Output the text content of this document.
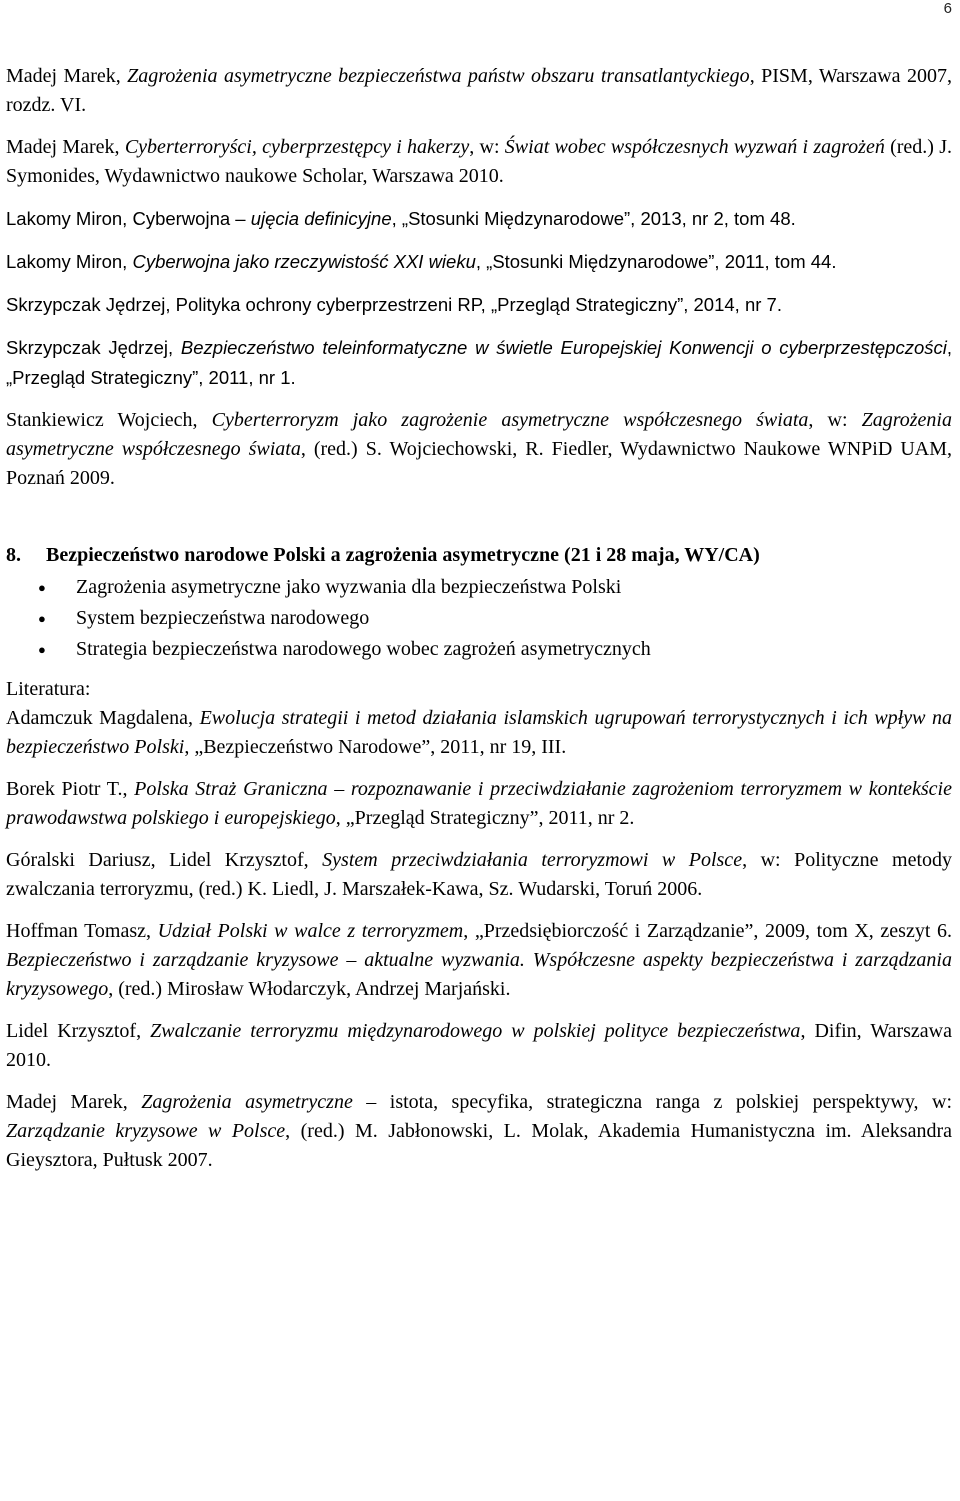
6

Madej Marek, Zagrożenia asymetryczne bezpieczeństwa państw obszaru transatlantyckiego, PISM, Warszawa 2007, rozdz. VI.

Madej Marek, Cyberterroryści, cyberprzestępcy i hakerzy, w: Świat wobec współczesnych wyzwań i zagrożeń (red.) J. Symonides, Wydawnictwo naukowe Scholar, Warszawa 2010.

Lakomy Miron, Cyberwojna – ujęcia definicyjne, „Stosunki Międzynarodowe”, 2013, nr 2, tom 48.

Lakomy Miron, Cyberwojna jako rzeczywistość XXI wieku, „Stosunki Międzynarodowe”, 2011, tom 44.

Skrzypczak Jędrzej, Polityka ochrony cyberprzestrzeni RP, „Przegląd Strategiczny”, 2014, nr 7.

Skrzypczak Jędrzej, Bezpieczeństwo teleinformatyczne w świetle Europejskiej Konwencji o cyberprzestępczości, „Przegląd Strategiczny”, 2011, nr 1.

Stankiewicz Wojciech, Cyberterroryzm jako zagrożenie asymetryczne współczesnego świata, w: Zagrożenia asymetryczne współczesnego świata, (red.) S. Wojciechowski, R. Fiedler, Wydawnictwo Naukowe WNPiD UAM, Poznań 2009.

8. Bezpieczeństwo narodowe Polski a zagrożenia asymetryczne (21 i 28 maja, WY/CA)

● Zagrożenia asymetryczne jako wyzwania dla bezpieczeństwa Polski
● System bezpieczeństwa narodowego
● Strategia bezpieczeństwa narodowego wobec zagrożeń asymetrycznych

Literatura:

Adamczuk Magdalena, Ewolucja strategii i metod działania islamskich ugrupowań terrorystycznych i ich wpływ na bezpieczeństwo Polski, „Bezpieczeństwo Narodowe”, 2011, nr 19, III.

Borek Piotr T., Polska Straż Graniczna – rozpoznawanie i przeciwdziałanie zagrożeniom terroryzmem w kontekście prawodawstwa polskiego i europejskiego, „Przegląd Strategiczny”, 2011, nr 2.

Góralski Dariusz, Lidel Krzysztof, System przeciwdziałania terroryzmowi w Polsce, w: Polityczne metody zwalczania terroryzmu, (red.) K. Liedl, J. Marszałek-Kawa, Sz. Wudarski, Toruń 2006.

Hoffman Tomasz, Udział Polski w walce z terroryzmem, „Przedsiębiorczość i Zarządzanie”, 2009, tom X, zeszyt 6. Bezpieczeństwo i zarządzanie kryzysowe – aktualne wyzwania. Współczesne aspekty bezpieczeństwa i zarządzania kryzysowego, (red.) Mirosław Włodarczyk, Andrzej Marjański.

Lidel Krzysztof, Zwalczanie terroryzmu międzynarodowego w polskiej polityce bezpieczeństwa, Difin, Warszawa 2010.

Madej Marek, Zagrożenia asymetryczne – istota, specyfika, strategiczna ranga z polskiej perspektywy, w: Zarządzanie kryzysowe w Polsce, (red.) M. Jabłonowski, L. Molak, Akademia Humanistyczna im. Aleksandra Gieysztora, Pułtusk 2007.
